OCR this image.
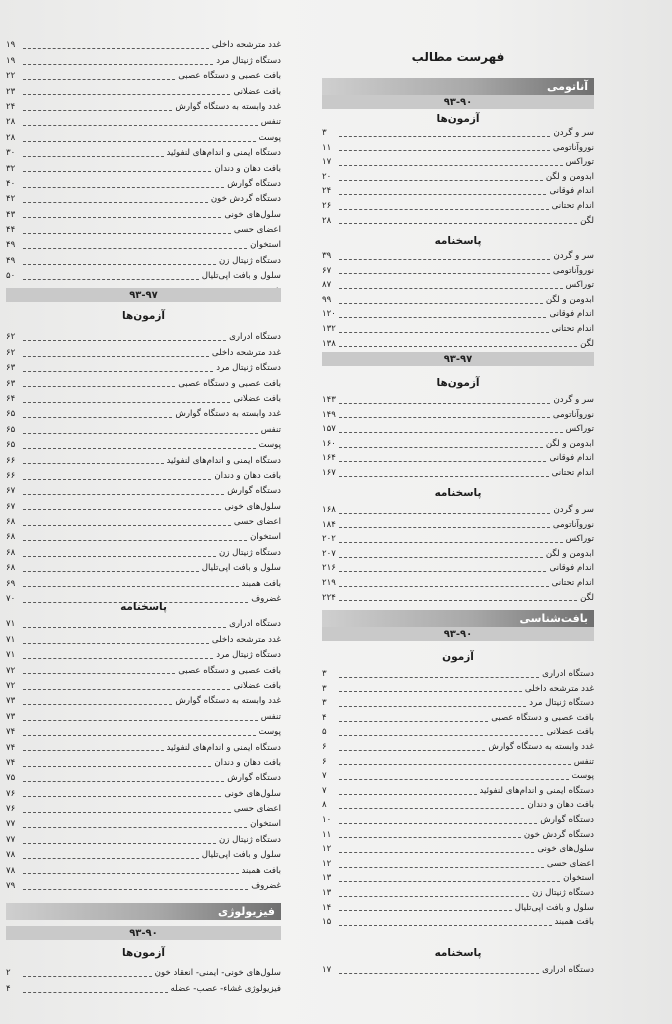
فهرست مطالب
آناتومی
۹۳-۹۰
آزمون‌ها
سر و گردن
۳
نوروآناتومی
۱۱
توراکس
۱۷
ابدومن و لگن
۲۰
اندام فوقانی
۲۴
اندام تحتانی
۲۶
لگن
۲۸
پاسخنامه
سر و گردن
۳۹
نوروآناتومی
۶۷
توراکس
۸۷
ابدومن و لگن
۹۹
اندام فوقانی
۱۲۰
اندام تحتانی
۱۳۲
لگن
۱۳۸
۹۳-۹۷
آزمون‌ها
سر و گردن
۱۴۳
نوروآناتومی
۱۴۹
توراکس
۱۵۷
ابدومن و لگن
۱۶۰
اندام فوقانی
۱۶۴
اندام تحتانی
۱۶۷
پاسخنامه
سر و گردن
۱۶۸
نوروآناتومی
۱۸۴
توراکس
۲۰۲
ابدومن و لگن
۲۰۷
اندام فوقانی
۲۱۶
اندام تحتانی
۲۱۹
لگن
۲۲۴
بافت‌شناسی
۹۳-۹۰
آزمون
دستگاه ادراری
۳
غدد مترشحه داخلی
۳
دستگاه ژنیتال مرد
۳
بافت عصبی و دستگاه عصبی
۴
بافت عضلانی
۵
غدد وابسته به دستگاه گوارش
۶
تنفس
۶
پوست
۷
دستگاه ایمنی و اندام‌های لنفوئید
۷
بافت دهان و دندان
۸
دستگاه گوارش
۱۰
دستگاه گردش خون
۱۱
سلول‌های خونی
۱۲
اعضای حسی
۱۲
استخوان
۱۳
دستگاه ژنیتال زن
۱۳
سلول و بافت اپی‌تلیال
۱۴
بافت همبند
۱۵
پاسخنامه
دستگاه ادراری
۱۷
غدد مترشحه داخلی
۱۹
دستگاه ژنیتال مرد
۱۹
بافت عصبی و دستگاه عصبی
۲۲
بافت عضلانی
۲۳
غدد وابسته به دستگاه گوارش
۲۴
تنفس
۲۸
پوست
۲۸
دستگاه ایمنی و اندام‌های لنفوئید
۳۰
بافت دهان و دندان
۳۲
دستگاه گوارش
۴۰
دستگاه گردش خون
۴۲
سلول‌های خونی
۴۳
اعضای حسی
۴۴
استخوان
۴۹
دستگاه ژنیتال زن
۴۹
سلول و بافت اپی‌تلیال
۵۰
۹۳-۹۷
آزمون‌ها
دستگاه ادراری
۶۲
غدد مترشحه داخلی
۶۲
دستگاه ژنیتال مرد
۶۳
بافت عصبی و دستگاه عصبی
۶۳
بافت عضلانی
۶۴
غدد وابسته به دستگاه گوارش
۶۵
تنفس
۶۵
پوست
۶۵
دستگاه ایمنی و اندام‌های لنفوئید
۶۶
بافت دهان و دندان
۶۶
دستگاه گوارش
۶۷
سلول‌های خونی
۶۷
اعضای حسی
۶۸
استخوان
۶۸
دستگاه ژنیتال زن
۶۸
سلول و بافت اپی‌تلیال
۶۸
بافت همبند
۶۹
غضروف
۷۰
پاسخنامه
دستگاه ادراری
۷۱
غدد مترشحه داخلی
۷۱
دستگاه ژنیتال مرد
۷۱
بافت عصبی و دستگاه عصبی
۷۲
بافت عضلانی
۷۲
غدد وابسته به دستگاه گوارش
۷۳
تنفس
۷۳
پوست
۷۴
دستگاه ایمنی و اندام‌های لنفوئید
۷۴
بافت دهان و دندان
۷۴
دستگاه گوارش
۷۵
سلول‌های خونی
۷۶
اعضای حسی
۷۶
استخوان
۷۷
دستگاه ژنیتال زن
۷۷
سلول و بافت اپی‌تلیال
۷۸
بافت همبند
۷۸
غضروف
۷۹
فیزیولوژی
۹۳-۹۰
آزمون‌ها
سلول‌های خونی- ایمنی- انعقاد خون
۲
فیزیولوژی غشاء- عصب- عضله
۴
